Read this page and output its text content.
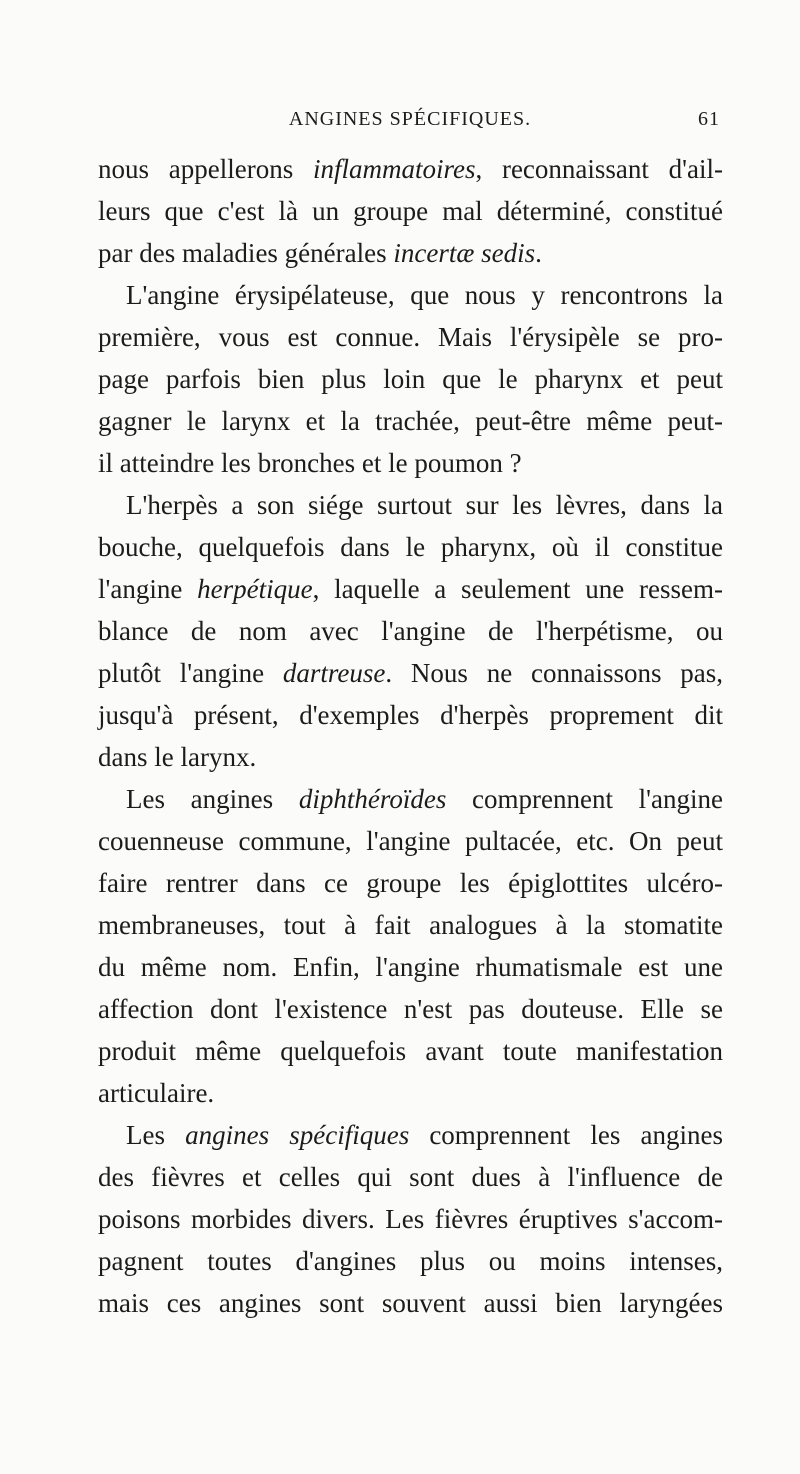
ANGINES SPÉCIFIQUES.	61
nous appellerons inflammatoires, reconnaissant d'ail-
leurs que c'est là un groupe mal déterminé, constitué
par des maladies générales incertæ sedis.
L'angine érysipélateuse, que nous y rencontrons la
première, vous est connue. Mais l'érysipèle se pro-
page parfois bien plus loin que le pharynx et peut
gagner le larynx et la trachée, peut-être même peut-
il atteindre les bronches et le poumon ?
L'herpès a son siége surtout sur les lèvres, dans la
bouche, quelquefois dans le pharynx, où il constitue
l'angine herpétique, laquelle a seulement une ressem-
blance de nom avec l'angine de l'herpétisme, ou
plutôt l'angine dartreuse. Nous ne connaissons pas,
jusqu'à présent, d'exemples d'herpès proprement dit
dans le larynx.
Les angines diphthéroïdes comprennent l'angine
couenneuse commune, l'angine pultacée, etc. On peut
faire rentrer dans ce groupe les épiglottites ulcéro-
membraneuses, tout à fait analogues à la stomatite
du même nom. Enfin, l'angine rhumatismale est une
affection dont l'existence n'est pas douteuse. Elle se
produit même quelquefois avant toute manifestation
articulaire.
Les angines spécifiques comprennent les angines
des fièvres et celles qui sont dues à l'influence de
poisons morbides divers. Les fièvres éruptives s'accom-
pagnent toutes d'angines plus ou moins intenses,
mais ces angines sont souvent aussi bien laryngées
